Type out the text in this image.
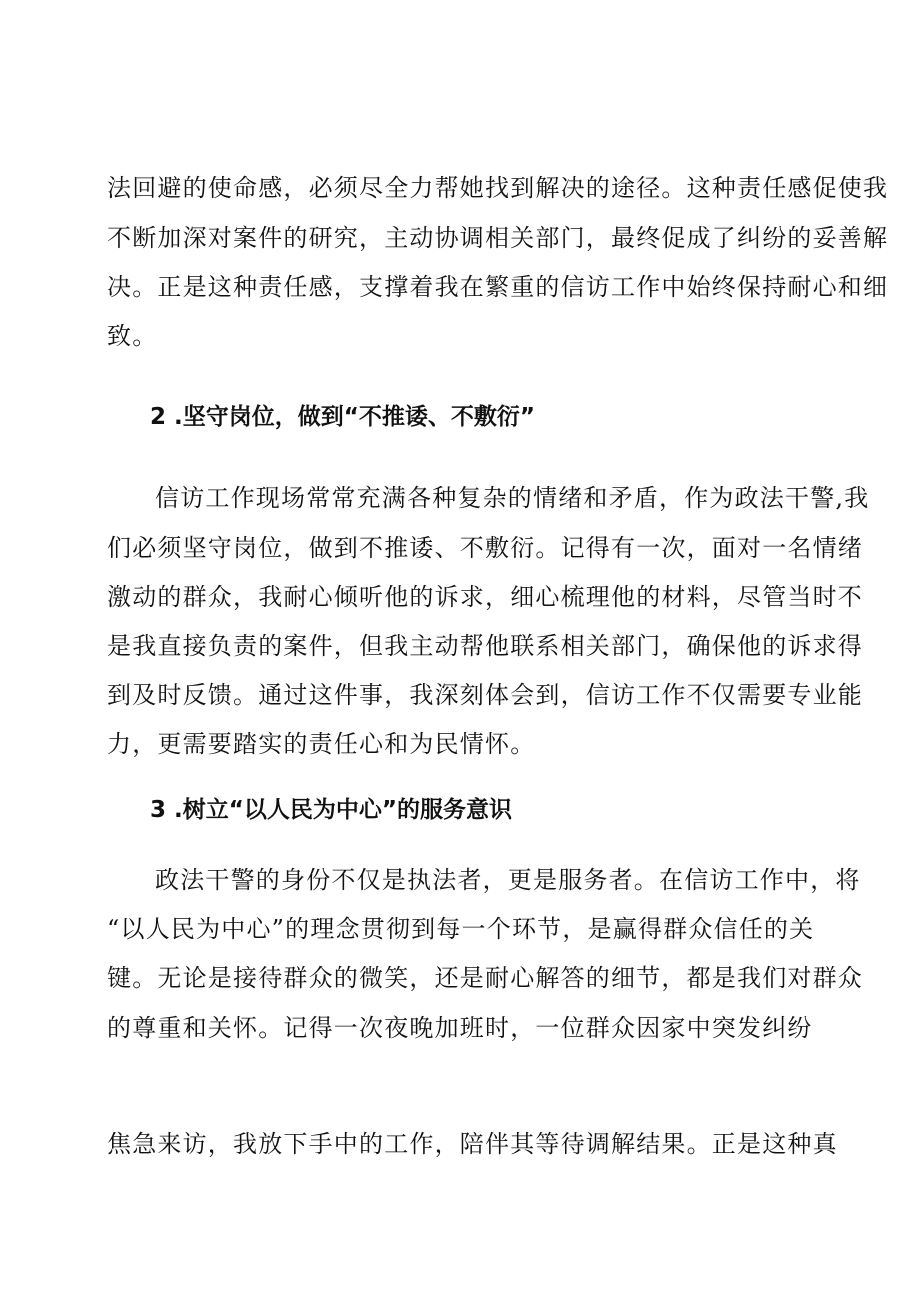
法回避的使命感，必须尽全力帮她找到解决的途径。这种责任感促使我
不断加深对案件的研究，主动协调相关部门，最终促成了纠纷的妥善解
决。正是这种责任感，支撑着我在繁重的信访工作中始终保持耐心和细
致。
2 .坚守岗位，做到“不推诿、不敷衍”
信访工作现场常常充满各种复杂的情绪和矛盾，作为政法干警,我
们必须坚守岗位，做到不推诿、不敷衍。记得有一次，面对一名情绪
激动的群众，我耐心倾听他的诉求，细心梳理他的材料，尽管当时不
是我直接负责的案件，但我主动帮他联系相关部门，确保他的诉求得
到及时反馈。通过这件事，我深刻体会到，信访工作不仅需要专业能
力，更需要踏实的责任心和为民情怀。
3 .树立“以人民为中心”的服务意识
政法干警的身份不仅是执法者，更是服务者。在信访工作中，将
“以人民为中心”的理念贯彻到每一个环节，是赢得群众信任的关
键。无论是接待群众的微笑，还是耐心解答的细节，都是我们对群众
的尊重和关怀。记得一次夜晚加班时，一位群众因家中突发纠纷
焦急来访，我放下手中的工作，陪伴其等待调解结果。正是这种真
